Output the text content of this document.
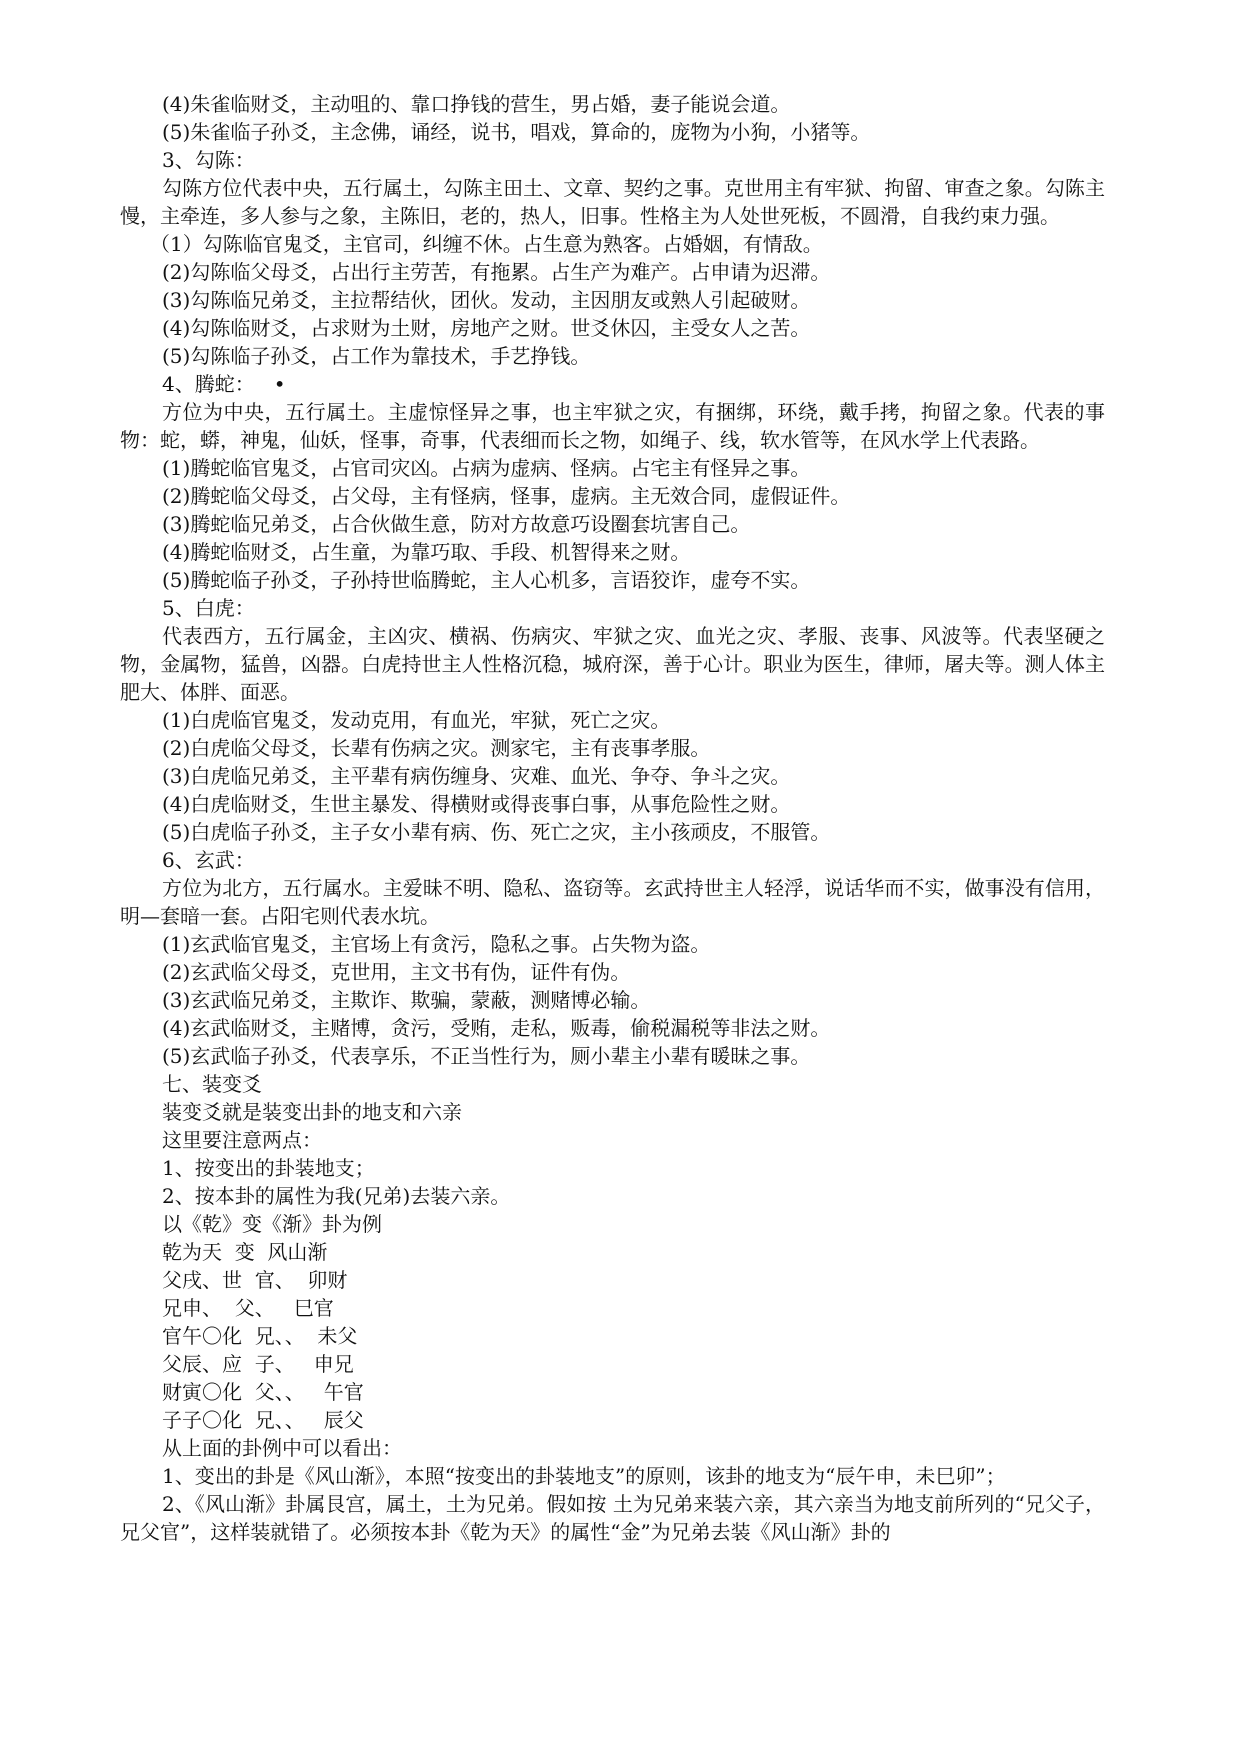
(4)朱雀临财爻，主动咀的、靠口挣钱的营生，男占婚，妻子能说会道。

(5)朱雀临子孙爻，主念佛，诵经，说书，唱戏，算命的，庞物为小狗，小猪等。

3、勾陈：

勾陈方位代表中央，五行属土，勾陈主田土、文章、契约之事。克世用主有牢狱、拘留、审查之象。勾陈主慢，主牵连，多人参与之象，主陈旧，老的，热人，旧事。性格主为人处世死板，不圆滑，自我约束力强。

（1）勾陈临官鬼爻，主官司，纠缠不休。占生意为熟客。占婚姻，有情敌。

(2)勾陈临父母爻，占出行主劳苦，有拖累。占生产为难产。占申请为迟滞。

(3)勾陈临兄弟爻，主拉帮结伙，团伙。发动，主因朋友或熟人引起破财。

(4)勾陈临财爻，占求财为土财，房地产之财。世爻休囚，主受女人之苦。

(5)勾陈临子孙爻，占工作为靠技术，手艺挣钱。

4、腾蛇：   •

方位为中央，五行属土。主虚惊怪异之事，也主牢狱之灾，有捆绑，环绕，戴手拷，拘留之象。代表的事物：蛇，蟒，神鬼，仙妖，怪事，奇事，代表细而长之物，如绳子、线，软水管等，在风水学上代表路。

(1)腾蛇临官鬼爻，占官司灾凶。占病为虚病、怪病。占宅主有怪异之事。

(2)腾蛇临父母爻，占父母，主有怪病，怪事，虚病。主无效合同，虚假证件。

(3)腾蛇临兄弟爻，占合伙做生意，防对方故意巧设圈套坑害自己。

(4)腾蛇临财爻，占生童，为靠巧取、手段、机智得来之财。

(5)腾蛇临子孙爻，子孙持世临腾蛇，主人心机多，言语狡诈，虚夸不实。

5、白虎：

代表西方，五行属金，主凶灾、横祸、伤病灾、牢狱之灾、血光之灾、孝服、丧事、风波等。代表坚硬之物，金属物，猛兽，凶器。白虎持世主人性格沉稳，城府深，善于心计。职业为医生，律师，屠夫等。测人体主肥大、体胖、面恶。

(1)白虎临官鬼爻，发动克用，有血光，牢狱，死亡之灾。

(2)白虎临父母爻，长辈有伤病之灾。测家宅，主有丧事孝服。

(3)白虎临兄弟爻，主平辈有病伤缠身、灾难、血光、争夺、争斗之灾。

(4)白虎临财爻，生世主暴发、得横财或得丧事白事，从事危险性之财。

(5)白虎临子孙爻，主子女小辈有病、伤、死亡之灾，主小孩顽皮，不服管。

6、玄武：

方位为北方，五行属水。主爱昧不明、隐私、盗窃等。玄武持世主人轻浮，说话华而不实，做事没有信用，明—套暗一套。占阳宅则代表水坑。

(1)玄武临官鬼爻，主官场上有贪污，隐私之事。占失物为盗。

(2)玄武临父母爻，克世用，主文书有伪，证件有伪。

(3)玄武临兄弟爻，主欺诈、欺骗，蒙蔽，测赌博必输。

(4)玄武临财爻，主赌博，贪污，受贿，走私，贩毒，偷税漏税等非法之财。

(5)玄武临子孙爻，代表享乐，不正当性行为，厕小辈主小辈有暖昧之事。

七、装变爻

装变爻就是装变出卦的地支和六亲

这里要注意两点：

1、按变出的卦装地支；

2、按本卦的属性为我(兄弟)去装六亲。

以《乾》变《渐》卦为例

乾为天  变  风山渐

父戌、世  官、  卯财

兄申、  父、   巳官

官午〇化  兄、、  未父

父辰、应  子、   申兄

财寅〇化  父、、   午官

子子〇化  兄、、   辰父

从上面的卦例中可以看出：

1、变出的卦是《风山渐》，本照“按变出的卦装地支”的原则，该卦的地支为“辰午申，未巳卯”；

2、《风山渐》卦属艮宫，属土，土为兄弟。假如按 土为兄弟来装六亲，其六亲当为地支前所列的“兄父子，兄父官”，这样装就错了。必须按本卦《乾为天》的属性“金”为兄弟去装《风山渐》卦的
